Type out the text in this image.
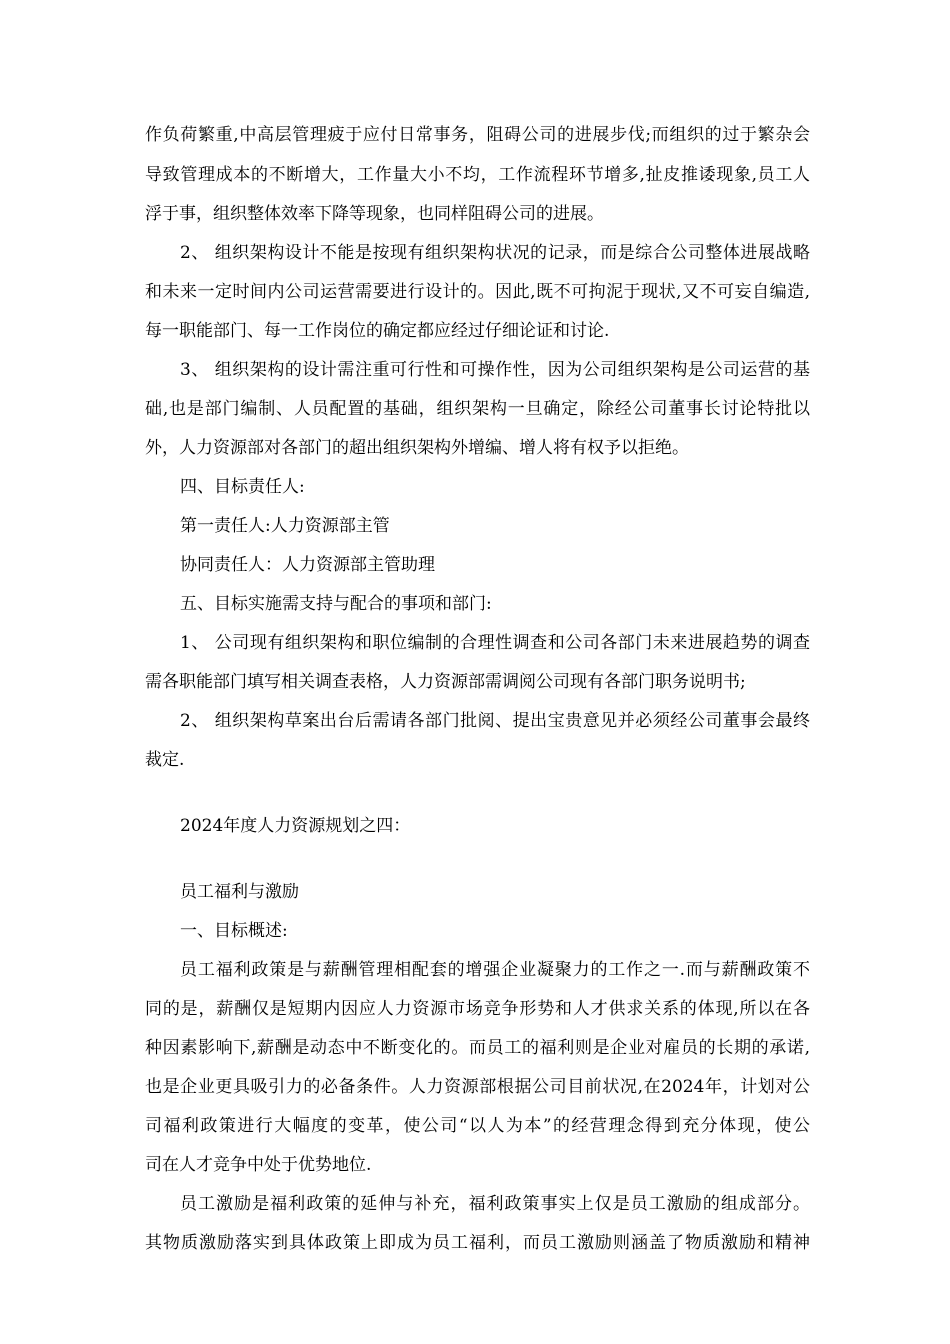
作负荷繁重,中高层管理疲于应付日常事务，阻碍公司的进展步伐;而组织的过于繁杂会
导致管理成本的不断增大，工作量大小不均，工作流程环节增多,扯皮推诿现象,员工人
浮于事，组织整体效率下降等现象，也同样阻碍公司的进展。
2、 组织架构设计不能是按现有组织架构状况的记录，而是综合公司整体进展战略
和未来一定时间内公司运营需要进行设计的。因此,既不可拘泥于现状,又不可妄自编造,
每一职能部门、每一工作岗位的确定都应经过仔细论证和讨论.
3、 组织架构的设计需注重可行性和可操作性，因为公司组织架构是公司运营的基
础,也是部门编制、人员配置的基础，组织架构一旦确定，除经公司董事长讨论特批以
外，人力资源部对各部门的超出组织架构外增编、增人将有权予以拒绝。
四、目标责任人:
第一责任人:人力资源部主管
协同责任人：人力资源部主管助理
五、目标实施需支持与配合的事项和部门:
1、 公司现有组织架构和职位编制的合理性调查和公司各部门未来进展趋势的调查
需各职能部门填写相关调查表格，人力资源部需调阅公司现有各部门职务说明书;
2、 组织架构草案出台后需请各部门批阅、提出宝贵意见并必须经公司董事会最终
裁定.
2024年度人力资源规划之四：
员工福利与激励
一、目标概述:
员工福利政策是与薪酬管理相配套的增强企业凝聚力的工作之一.而与薪酬政策不
同的是，薪酬仅是短期内因应人力资源市场竞争形势和人才供求关系的体现,所以在各
种因素影响下,薪酬是动态中不断变化的。而员工的福利则是企业对雇员的长期的承诺,
也是企业更具吸引力的必备条件。人力资源部根据公司目前状况,在2024年，计划对公
司福利政策进行大幅度的变革，使公司“以人为本”的经营理念得到充分体现，使公
司在人才竞争中处于优势地位.
员工激励是福利政策的延伸与补充，福利政策事实上仅是员工激励的组成部分。
其物质激励落实到具体政策上即成为员工福利，而员工激励则涵盖了物质激励和精神
